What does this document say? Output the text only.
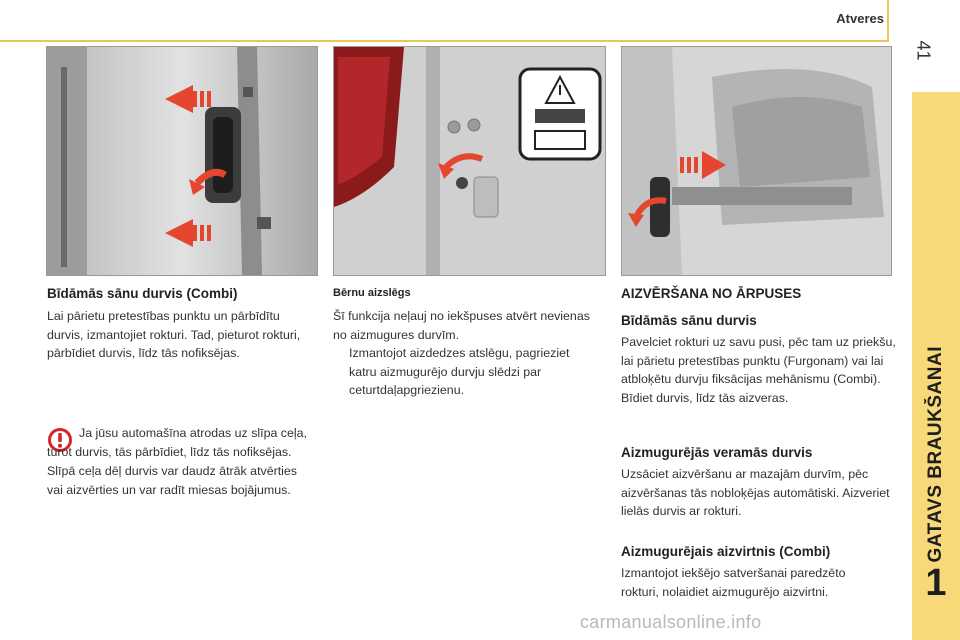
Atveres
41
GATAVS BRAUKŠANAI
1
Bīdāmās sānu durvis (Combi)

Lai pārietu pretestības punktu un pārbīdītu durvis, izmantojiet rokturi. Tad, pieturot rokturi, pārbīdiet durvis, līdz tās nofiksējas.

Ja jūsu automašīna atrodas uz slīpa ceļa, turot durvis, tās pārbīdiet, līdz tās nofiksējas. Slīpā ceļa dēļ durvis var daudz ātrāk atvērties vai aizvērties un var radīt miesas bojājumus.
Bērnu aizslēgs

Šī funkcija neļauj no iekšpuses atvērt nevienas no aizmugures durvīm.

Izmantojot aizdedzes atslēgu, pagrieziet katru aizmugurējo durvju slēdzi par ceturtdaļapgriezienu.
AIZVĒRŠANA NO ĀRPUSES
Bīdāmās sānu durvis

Pavelciet rokturi uz savu pusi, pēc tam uz priekšu, lai pārietu pretestības punktu (Furgonam) vai lai atbloķētu durvju fiksācijas mehānismu (Combi). Bīdiet durvis, līdz tās aizveras.

Aizmugurējās veramās durvis

Uzsāciet aizvēršanu ar mazajām durvīm, pēc aizvēršanas tās nobloķējas automātiski. Aizveriet lielās durvis ar rokturi.

Aizmugurējais aizvirtnis (Combi)

Izmantojot iekšējo satveršanai paredzēto rokturi, nolaidiet aizmugurējo aizvirtni.

carmanualsonline.info
